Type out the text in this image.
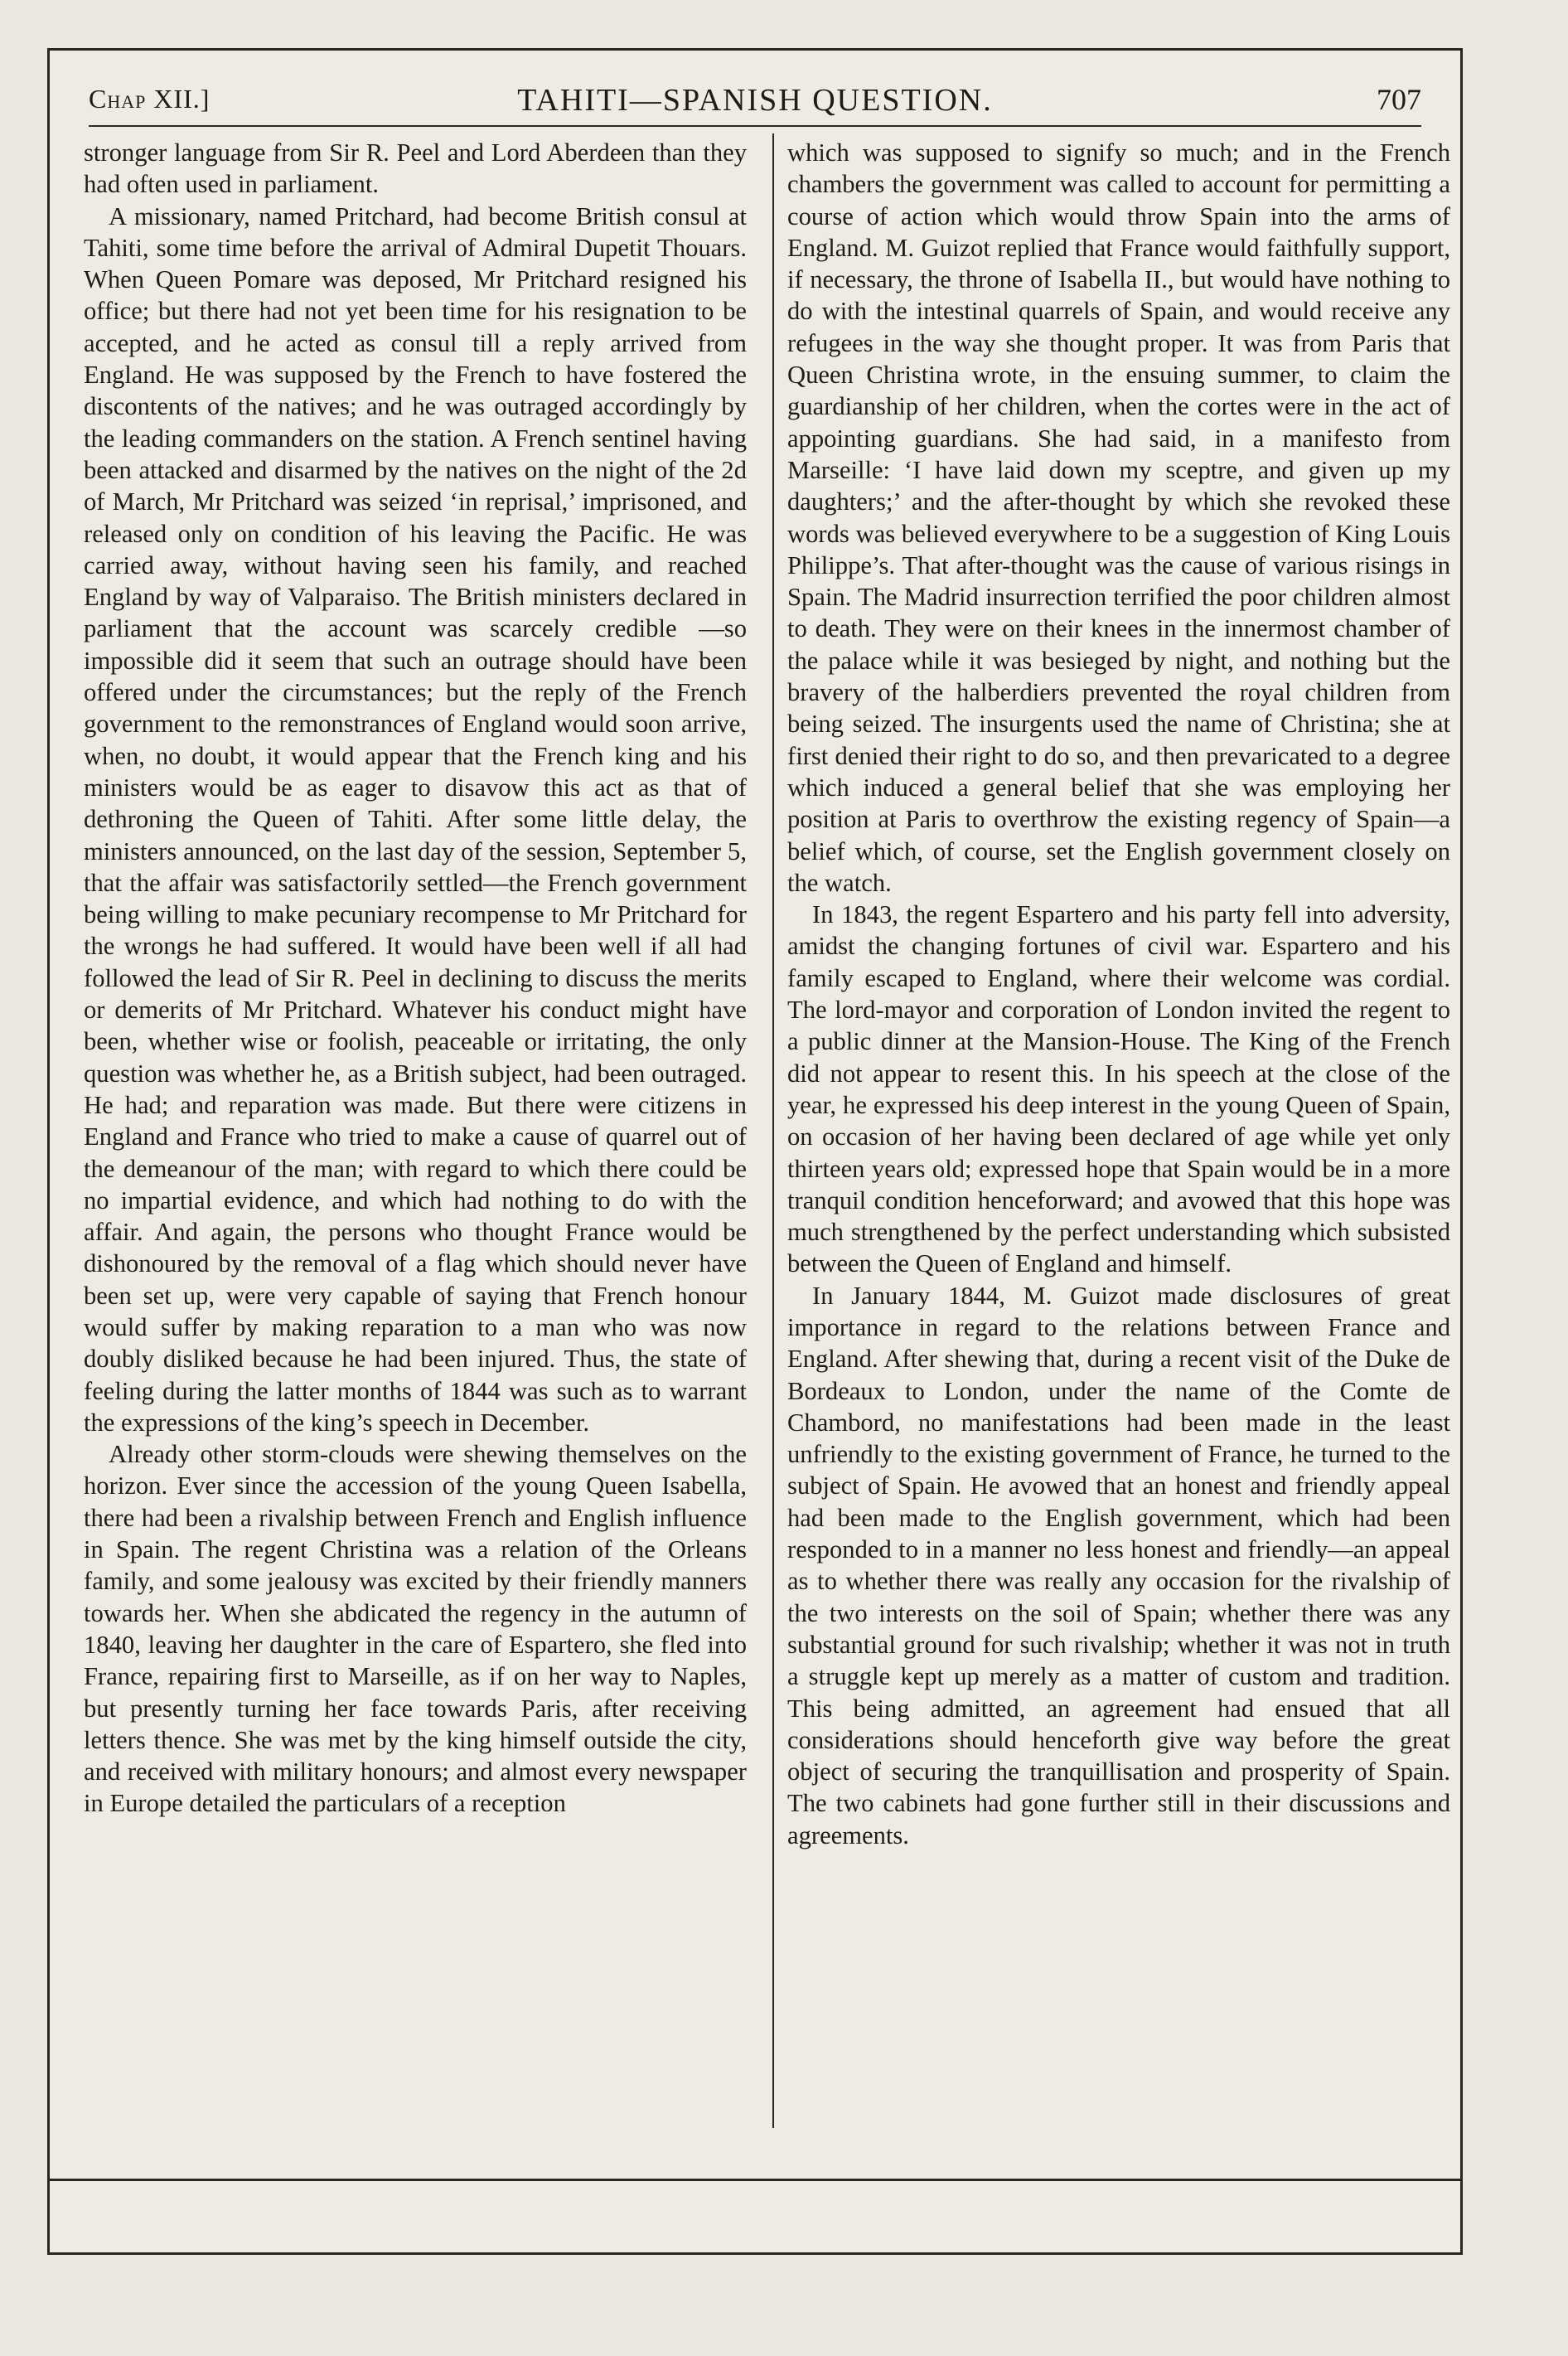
Chap XII.]	TAHITI—SPANISH QUESTION.	707

stronger language from Sir R. Peel and Lord Aberdeen than they had often used in parliament.

A missionary, named Pritchard, had become British consul at Tahiti, some time before the arrival of Admiral Dupetit Thouars. When Queen Pomare was deposed, Mr Pritchard resigned his office; but there had not yet been time for his resignation to be accepted, and he acted as consul till a reply arrived from England. He was supposed by the French to have fostered the discontents of the natives; and he was outraged accordingly by the leading commanders on the station. A French sentinel having been attacked and disarmed by the natives on the night of the 2d of March, Mr Pritchard was seized ‘in reprisal,’ imprisoned, and released only on condition of his leaving the Pacific. He was carried away, without having seen his family, and reached England by way of Valparaiso. The British ministers declared in parliament that the account was scarcely credible —so impossible did it seem that such an outrage should have been offered under the circumstances; but the reply of the French government to the remonstrances of England would soon arrive, when, no doubt, it would appear that the French king and his ministers would be as eager to disavow this act as that of dethroning the Queen of Tahiti. After some little delay, the ministers announced, on the last day of the session, September 5, that the affair was satisfactorily settled—the French government being willing to make pecuniary recompense to Mr Pritchard for the wrongs he had suffered. It would have been well if all had followed the lead of Sir R. Peel in declining to discuss the merits or demerits of Mr Pritchard. Whatever his conduct might have been, whether wise or foolish, peaceable or irritating, the only question was whether he, as a British subject, had been outraged. He had; and reparation was made. But there were citizens in England and France who tried to make a cause of quarrel out of the demeanour of the man; with regard to which there could be no impartial evidence, and which had nothing to do with the affair. And again, the persons who thought France would be dishonoured by the removal of a flag which should never have been set up, were very capable of saying that French honour would suffer by making reparation to a man who was now doubly disliked because he had been injured. Thus, the state of feeling during the latter months of 1844 was such as to warrant the expressions of the king’s speech in December.

Already other storm-clouds were shewing themselves on the horizon. Ever since the accession of the young Queen Isabella, there had been a rivalship between French and English influence in Spain. The regent Christina was a relation of the Orleans family, and some jealousy was excited by their friendly manners towards her. When she abdicated the regency in the autumn of 1840, leaving her daughter in the care of Espartero, she fled into France, repairing first to Marseille, as if on her way to Naples, but presently turning her face towards Paris, after receiving letters thence. She was met by the king himself outside the city, and received with military honours; and almost every newspaper in Europe detailed the particulars of a reception

which was supposed to signify so much; and in the French chambers the government was called to account for permitting a course of action which would throw Spain into the arms of England. M. Guizot replied that France would faithfully support, if necessary, the throne of Isabella II., but would have nothing to do with the intestinal quarrels of Spain, and would receive any refugees in the way she thought proper. It was from Paris that Queen Christina wrote, in the ensuing summer, to claim the guardianship of her children, when the cortes were in the act of appointing guardians. She had said, in a manifesto from Marseille: ‘I have laid down my sceptre, and given up my daughters;’ and the after-thought by which she revoked these words was believed everywhere to be a suggestion of King Louis Philippe’s. That after-thought was the cause of various risings in Spain. The Madrid insurrection terrified the poor children almost to death. They were on their knees in the innermost chamber of the palace while it was besieged by night, and nothing but the bravery of the halberdiers prevented the royal children from being seized. The insurgents used the name of Christina; she at first denied their right to do so, and then prevaricated to a degree which induced a general belief that she was employing her position at Paris to overthrow the existing regency of Spain—a belief which, of course, set the English government closely on the watch.

In 1843, the regent Espartero and his party fell into adversity, amidst the changing fortunes of civil war. Espartero and his family escaped to England, where their welcome was cordial. The lord-mayor and corporation of London invited the regent to a public dinner at the Mansion-House. The King of the French did not appear to resent this. In his speech at the close of the year, he expressed his deep interest in the young Queen of Spain, on occasion of her having been declared of age while yet only thirteen years old; expressed hope that Spain would be in a more tranquil condition henceforward; and avowed that this hope was much strengthened by the perfect understanding which subsisted between the Queen of England and himself.

In January 1844, M. Guizot made disclosures of great importance in regard to the relations between France and England. After shewing that, during a recent visit of the Duke de Bordeaux to London, under the name of the Comte de Chambord, no manifestations had been made in the least unfriendly to the existing government of France, he turned to the subject of Spain. He avowed that an honest and friendly appeal had been made to the English government, which had been responded to in a manner no less honest and friendly—an appeal as to whether there was really any occasion for the rivalship of the two interests on the soil of Spain; whether there was any substantial ground for such rivalship; whether it was not in truth a struggle kept up merely as a matter of custom and tradition. This being admitted, an agreement had ensued that all considerations should henceforth give way before the great object of securing the tranquillisation and prosperity of Spain. The two cabinets had gone further still in their discussions and agreements.
